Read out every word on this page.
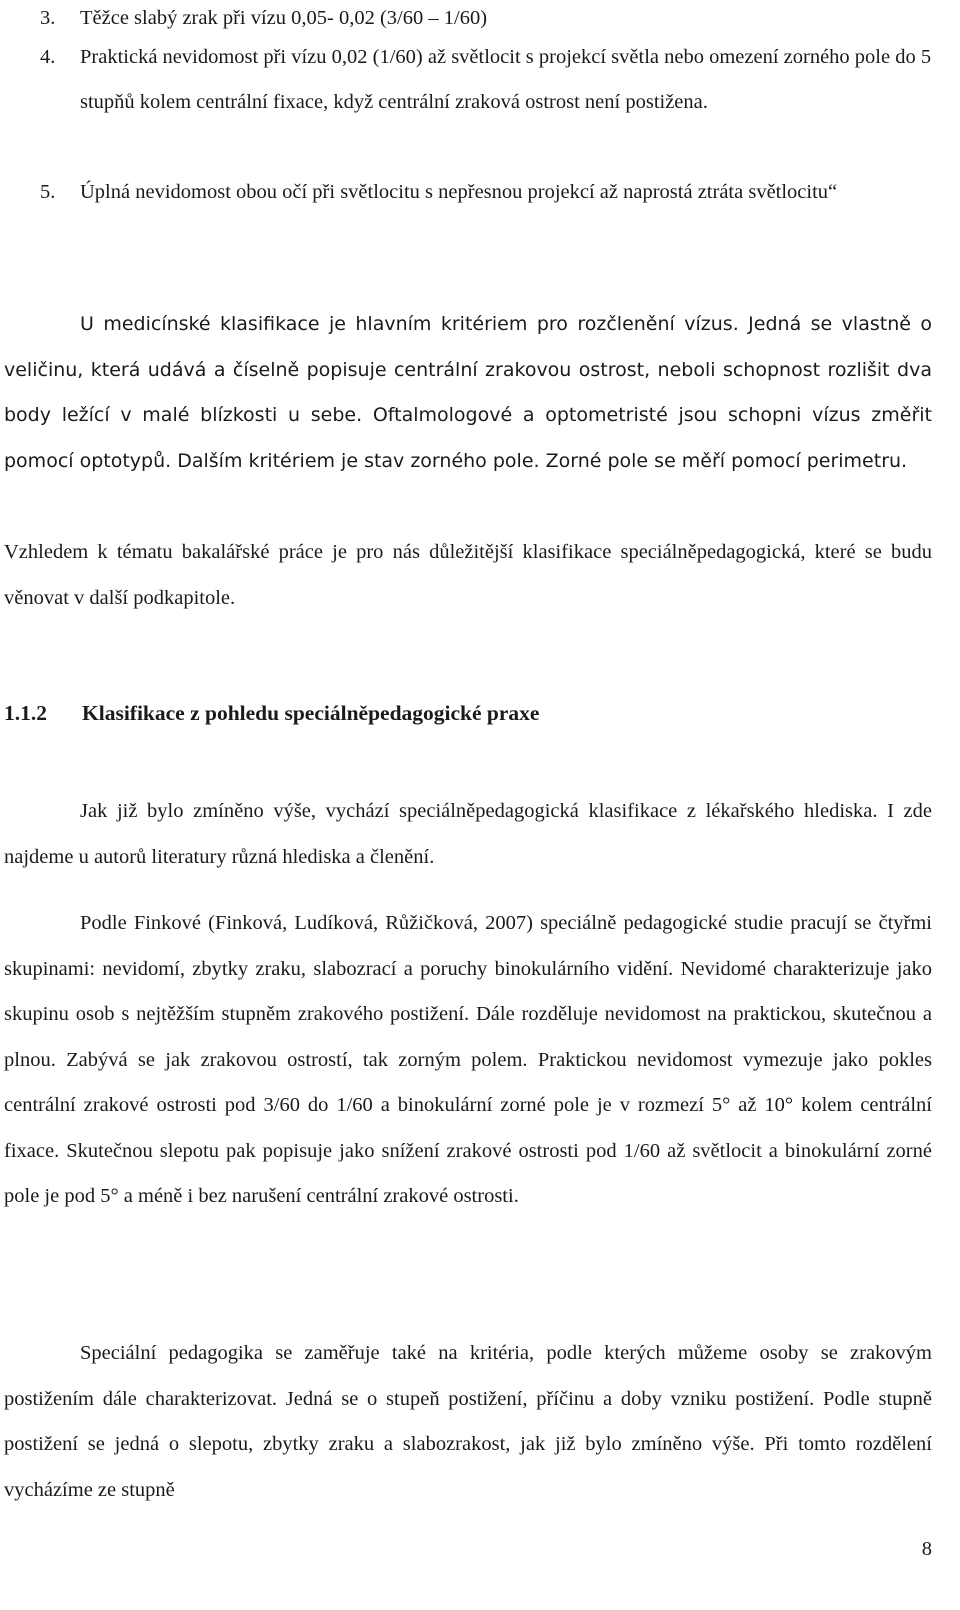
3.	Těžce slabý zrak při vízu 0,05- 0,02 (3/60 – 1/60)
4.	Praktická nevidomost při vízu 0,02 (1/60) až světlocit s projekcí světla nebo omezení zorného pole do 5 stupňů kolem centrální fixace, když centrální zraková ostrost není postižena.
5.	Úplná nevidomost obou očí při světlocitu s nepřesnou projekcí až naprostá ztráta světlocitu“

U medicínské klasifikace je hlavním kritériem pro rozčlenění vízus. Jedná se vlastně o veličinu, která udává a číselně popisuje centrální zrakovou ostrost, neboli schopnost rozlišit dva body ležící v malé blízkosti u sebe. Oftalmologové a optometristé jsou schopni vízus změřit pomocí optotypů. Dalším kritériem je stav zorného pole. Zorné pole se měří pomocí perimetru.

Vzhledem k tématu bakalářské práce je pro nás důležitější klasifikace speciálněpedagogická, které se budu věnovat v další podkapitole.

1.1.2 Klasifikace z pohledu speciálněpedagogické praxe

Jak již bylo zmíněno výše, vychází speciálněpedagogická klasifikace z lékařského hlediska. I zde najdeme u autorů literatury různá hlediska a členění.

Podle Finkové (Finková, Ludíková, Růžičková, 2007) speciálně pedagogické studie pracují se čtyřmi skupinami: nevidomí, zbytky zraku, slabozrací a poruchy binokulárního vidění. Nevidomé charakterizuje jako skupinu osob s nejtěžším stupněm zrakového postižení. Dále rozděluje nevidomost na praktickou, skutečnou a plnou. Zabývá se jak zrakovou ostrostí, tak zorným polem. Praktickou nevidomost vymezuje jako pokles centrální zrakové ostrosti pod 3/60 do 1/60 a binokulární zorné pole je v rozmezí 5° až 10° kolem centrální fixace. Skutečnou slepotu pak popisuje jako snížení zrakové ostrosti pod 1/60 až světlocit a binokulární zorné pole je pod 5° a méně i bez narušení centrální zrakové ostrosti.

Speciální pedagogika se zaměřuje také na kritéria, podle kterých můžeme osoby se zrakovým postižením dále charakterizovat. Jedná se o stupeň postižení, příčinu a doby vzniku postižení. Podle stupně postižení se jedná o slepotu, zbytky zraku a slabozrakost, jak již bylo zmíněno výše. Při tomto rozdělení vycházíme ze stupně

8
